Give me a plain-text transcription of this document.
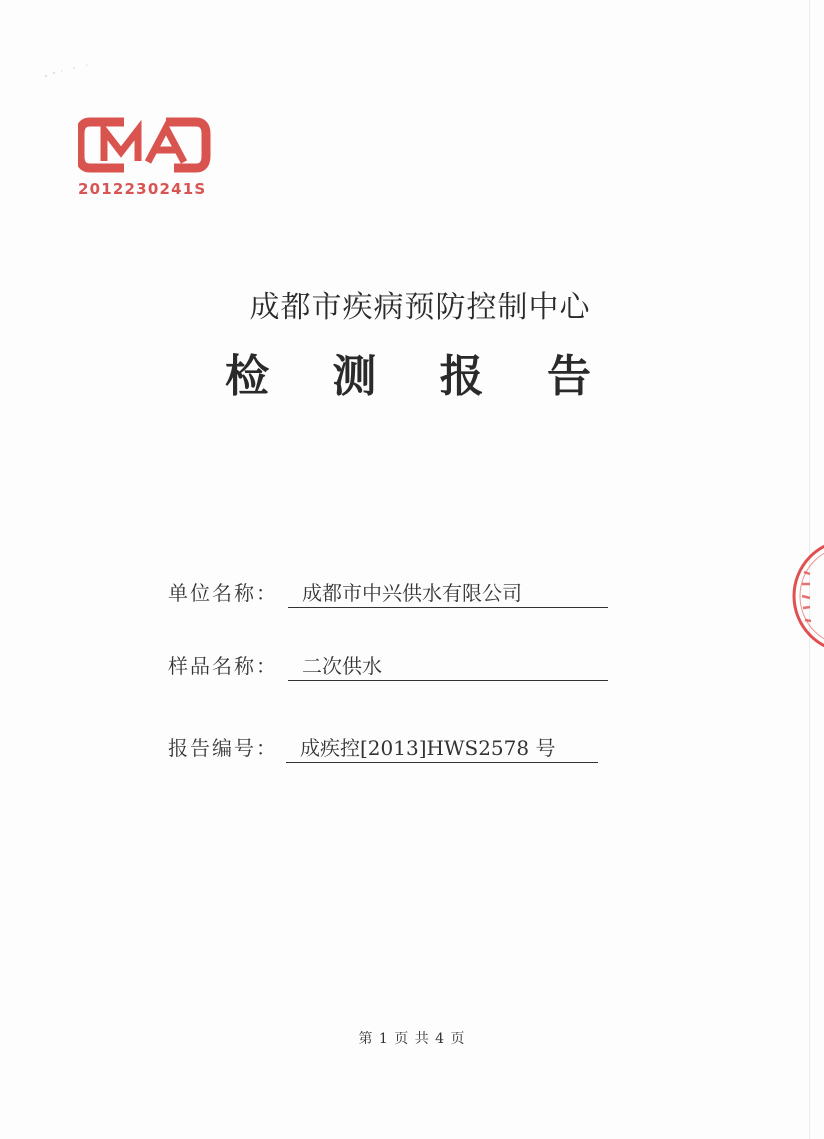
2012230241S
成都市疾病预防控制中心
检 测 报 告
单位名称：	成都市中兴供水有限公司
样品名称：	二次供水
报告编号：	成疾控[2013]HWS2578 号
第 1 页 共 4 页
